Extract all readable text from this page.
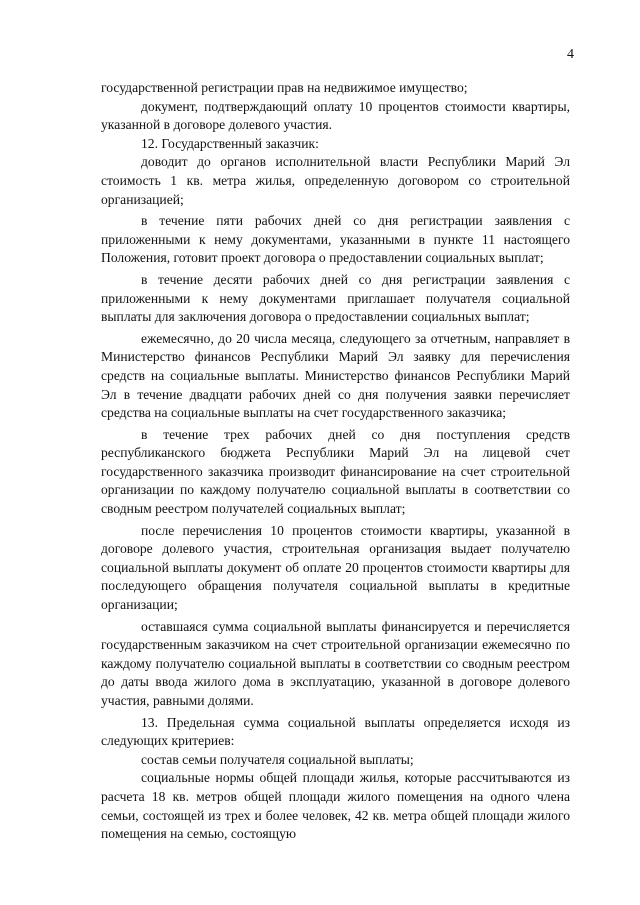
4

государственной регистрации прав на недвижимое имущество;

документ, подтверждающий оплату 10 процентов стоимости квартиры, указанной в договоре долевого участия.

12. Государственный заказчик:

доводит до органов исполнительной власти Республики Марий Эл стоимость 1 кв. метра жилья, определенную договором со строительной организацией;

в течение пяти рабочих дней со дня регистрации заявления с приложенными к нему документами, указанными в пункте 11 настоящего Положения, готовит проект договора о предоставлении социальных выплат;

в течение десяти рабочих дней со дня регистрации заявления с приложенными к нему документами приглашает получателя социальной выплаты для заключения договора о предоставлении социальных выплат;

ежемесячно, до 20 числа месяца, следующего за отчетным, направляет в Министерство финансов Республики Марий Эл заявку для перечисления средств на социальные выплаты. Министерство финансов Республики Марий Эл в течение двадцати рабочих дней со дня получения заявки перечисляет средства на социальные выплаты на счет государственного заказчика;

в течение трех рабочих дней со дня поступления средств республиканского бюджета Республики Марий Эл на лицевой счет государственного заказчика производит финансирование на счет строительной организации по каждому получателю социальной выплаты в соответствии со сводным реестром получателей социальных выплат;

после перечисления 10 процентов стоимости квартиры, указанной в договоре долевого участия, строительная организация выдает получателю социальной выплаты документ об оплате 20 процентов стоимости квартиры для последующего обращения получателя социальной выплаты в кредитные организации;

оставшаяся сумма социальной выплаты финансируется и перечисляется государственным заказчиком на счет строительной организации ежемесячно по каждому получателю социальной выплаты в соответствии со сводным реестром до даты ввода жилого дома в эксплуатацию, указанной в договоре долевого участия, равными долями.

13. Предельная сумма социальной выплаты определяется исходя из следующих критериев:

состав семьи получателя социальной выплаты;

социальные нормы общей площади жилья, которые рассчитываются из расчета 18 кв. метров общей площади жилого помещения на одного члена семьи, состоящей из трех и более человек, 42 кв. метра общей площади жилого помещения на семью, состоящую
